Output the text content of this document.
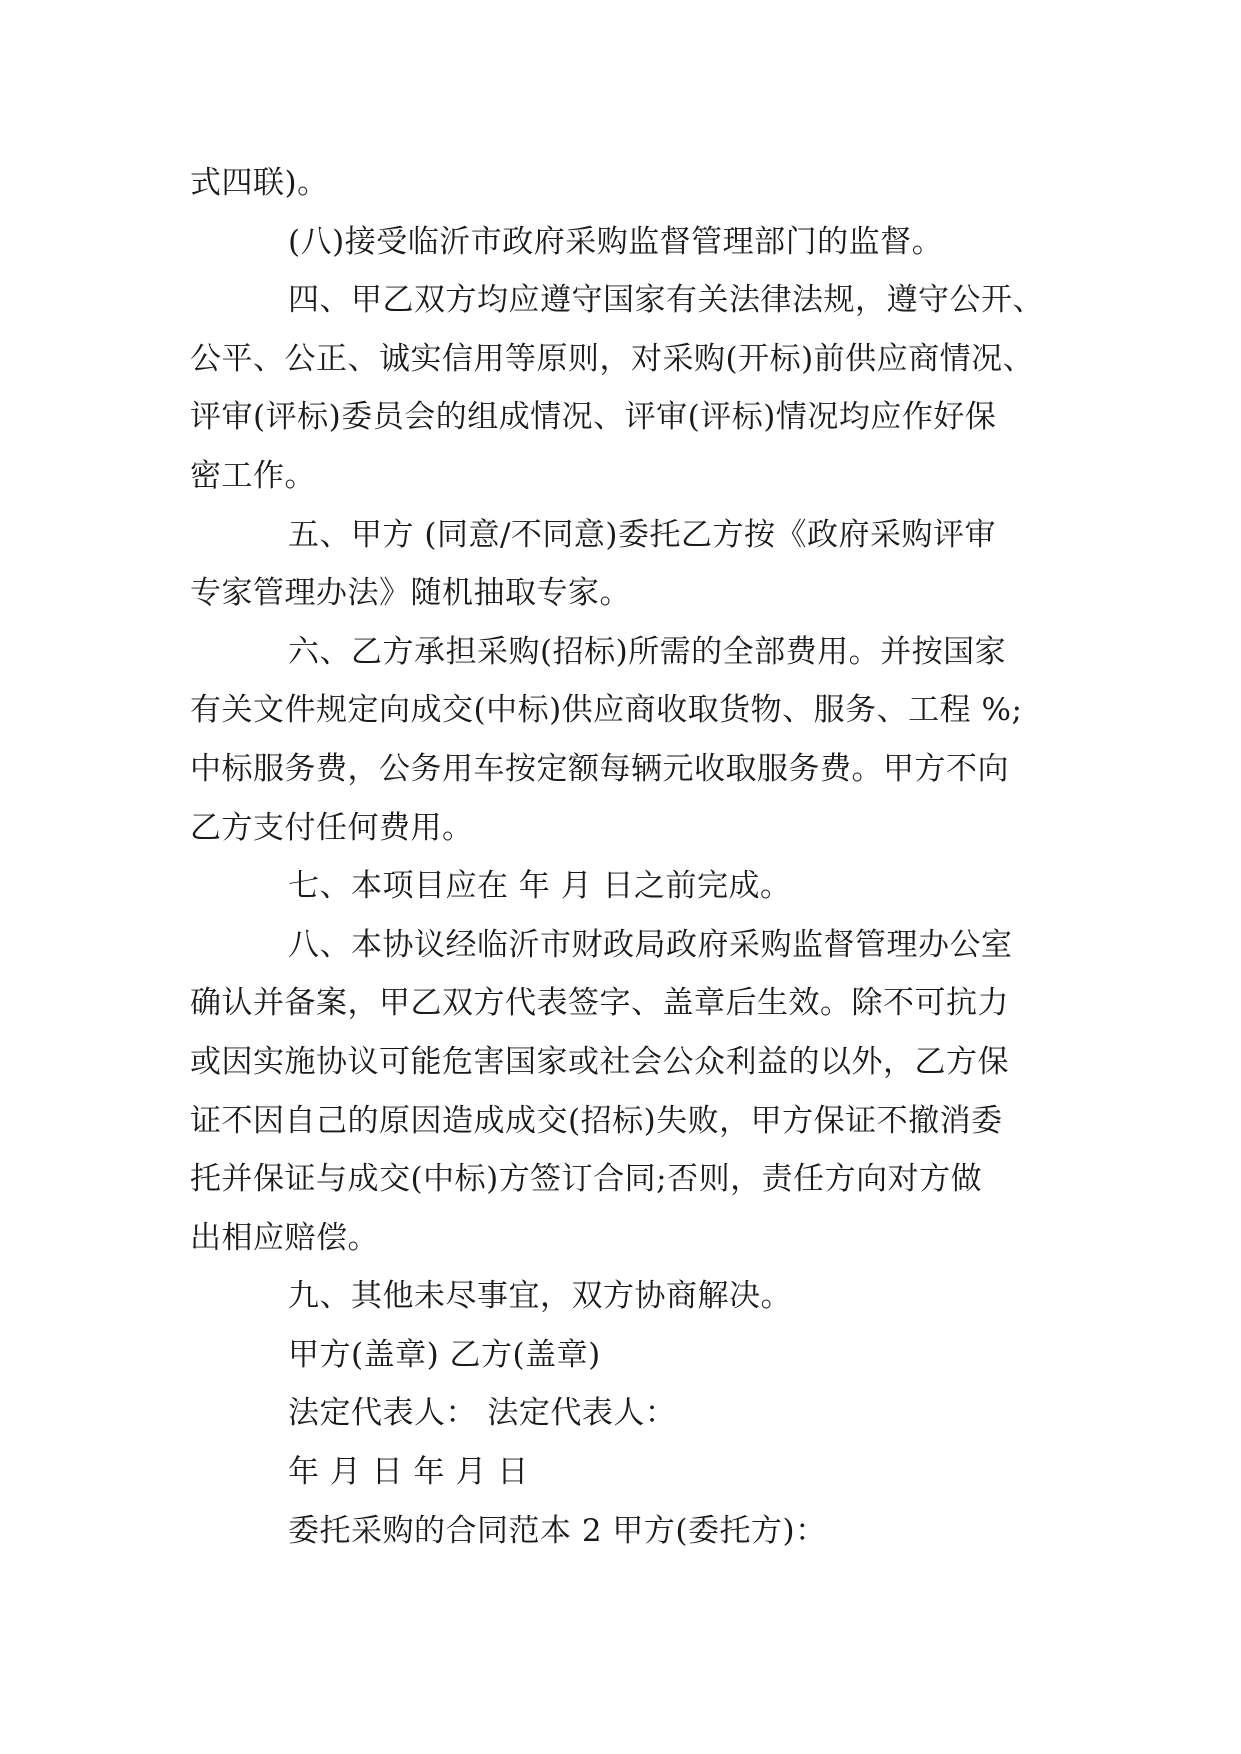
式四联)。

(八)接受临沂市政府采购监督管理部门的监督。

四、甲乙双方均应遵守国家有关法律法规，遵守公开、

公平、公正、诚实信用等原则，对采购(开标)前供应商情况、

评审(评标)委员会的组成情况、评审(评标)情况均应作好保

密工作。

五、甲方 (同意/不同意)委托乙方按《政府采购评审

专家管理办法》随机抽取专家。

六、乙方承担采购(招标)所需的全部费用。并按国家

有关文件规定向成交(中标)供应商收取货物、服务、工程 %;

中标服务费，公务用车按定额每辆元收取服务费。甲方不向

乙方支付任何费用。

七、本项目应在 年 月 日之前完成。

八、本协议经临沂市财政局政府采购监督管理办公室

确认并备案，甲乙双方代表签字、盖章后生效。除不可抗力

或因实施协议可能危害国家或社会公众利益的以外，乙方保

证不因自己的原因造成成交(招标)失败，甲方保证不撤消委

托并保证与成交(中标)方签订合同;否则，责任方向对方做

出相应赔偿。

九、其他未尽事宜，双方协商解决。

甲方(盖章) 乙方(盖章)

法定代表人： 法定代表人：

年 月 日 年 月 日

委托采购的合同范本 2 甲方(委托方)：
